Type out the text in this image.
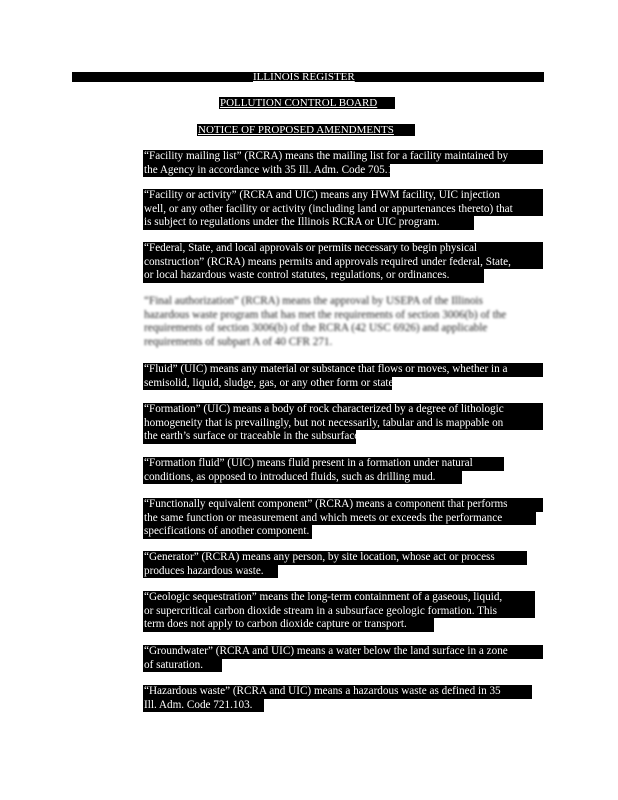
ILLINOIS REGISTER
POLLUTION CONTROL BOARD
NOTICE OF PROPOSED AMENDMENTS
“Facility mailing list” (RCRA) means the mailing list for a facility maintained by
the Agency in accordance with 35 Ill. Adm. Code 705.163(a).
“Facility or activity” (RCRA and UIC) means any HWM facility, UIC injection
well, or any other facility or activity (including land or appurtenances thereto) that
is subject to regulations under the Illinois RCRA or UIC program.
“Federal, State, and local approvals or permits necessary to begin physical
construction” (RCRA) means permits and approvals required under federal, State,
or local hazardous waste control statutes, regulations, or ordinances.
“Final authorization” (RCRA) means the approval by USEPA of the Illinois
hazardous waste program that has met the requirements of section 3006(b) of the
requirements of section 3006(b) of the RCRA (42 USC 6926) and applicable
requirements of subpart A of 40 CFR 271.
“Fluid” (UIC) means any material or substance that flows or moves, whether in a
semisolid, liquid, sludge, gas, or any other form or state.
“Formation” (UIC) means a body of rock characterized by a degree of lithologic
homogeneity that is prevailingly, but not necessarily, tabular and is mappable on
the earth’s surface or traceable in the subsurface.
“Formation fluid” (UIC) means fluid present in a formation under natural
conditions, as opposed to introduced fluids, such as drilling mud.
“Functionally equivalent component” (RCRA) means a component that performs
the same function or measurement and which meets or exceeds the performance
specifications of another component.
“Generator” (RCRA) means any person, by site location, whose act or process
produces hazardous waste.
“Geologic sequestration” means the long-term containment of a gaseous, liquid,
or supercritical carbon dioxide stream in a subsurface geologic formation. This
term does not apply to carbon dioxide capture or transport.
“Groundwater” (RCRA and UIC) means a water below the land surface in a zone
of saturation.
“Hazardous waste” (RCRA and UIC) means a hazardous waste as defined in 35
Ill. Adm. Code 721.103.
